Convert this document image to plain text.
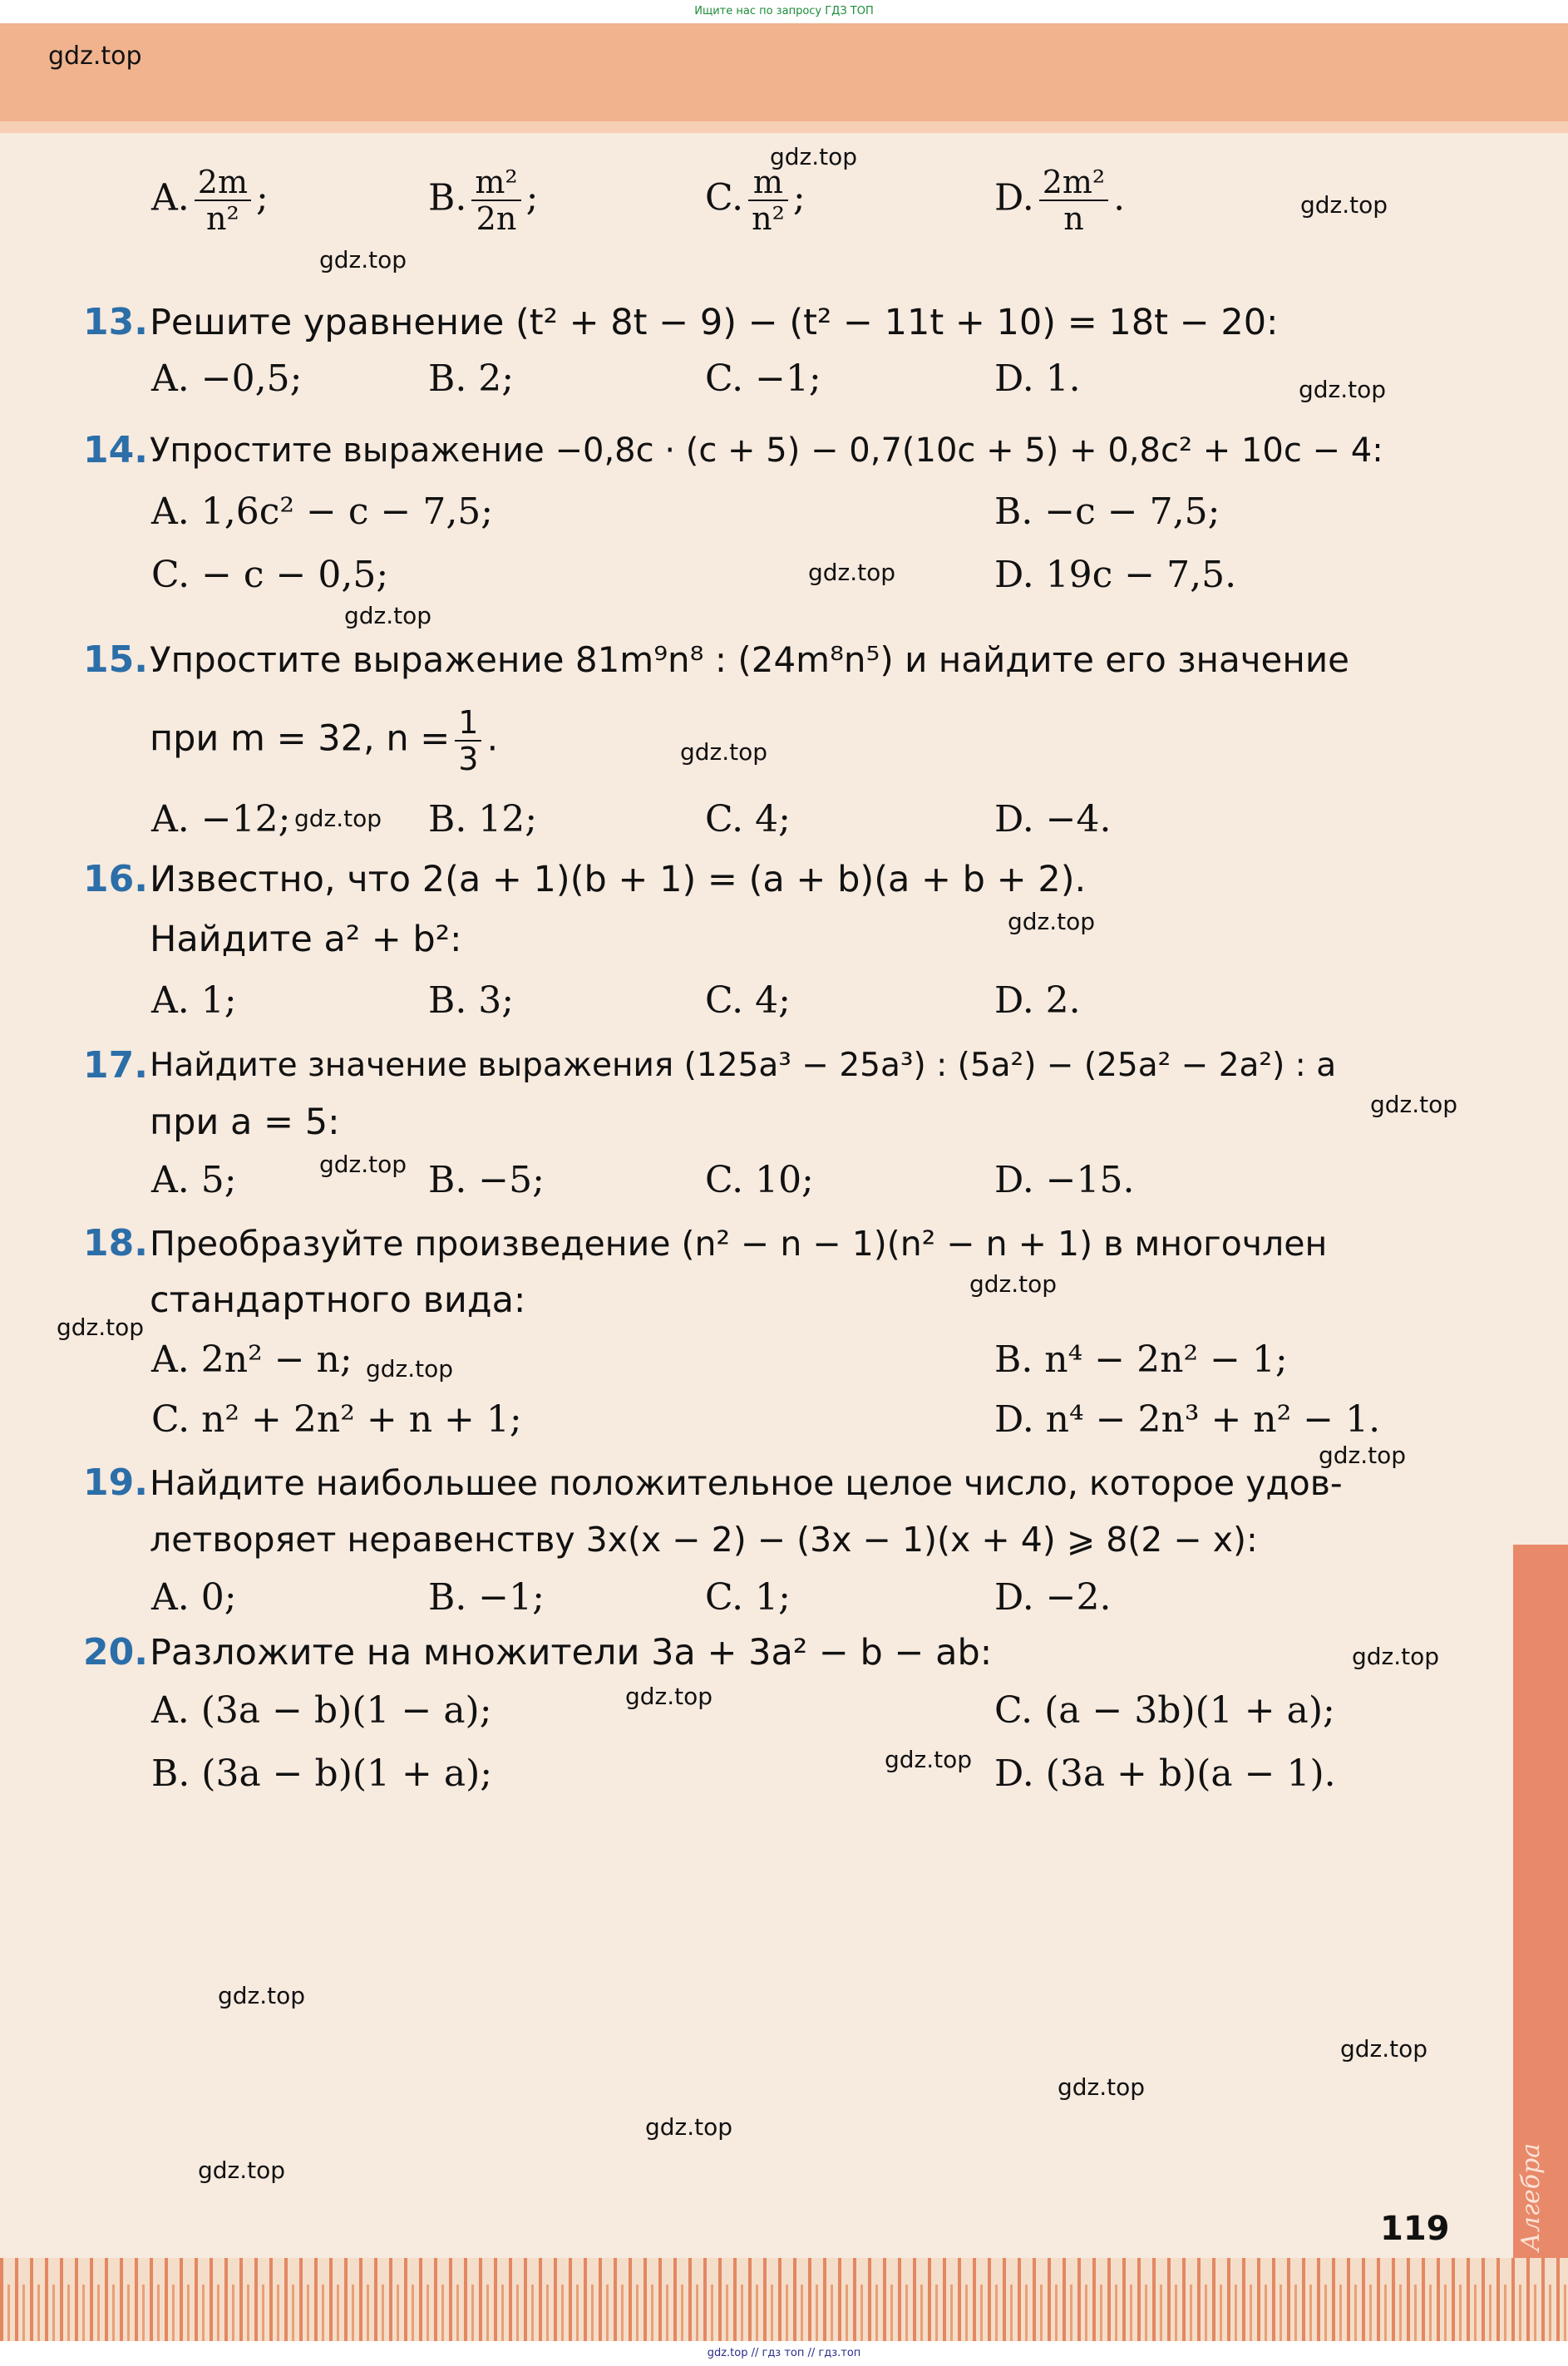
Ищите нас по запросу ГДЗ ТОП
Алгебра
A. $\frac{2m}{\text{n²}}$ ;	B. $\frac{\text{m²}}{2n}$ ;	C. $\frac{m}{\text{n²}}$ ;	D. $\frac{\text{2m²}}{n}$ .
13. Решите уравнение (t² + 8t − 9) − (t² − 11t + 10) = 18t − 20:
A. −0,5;	B. 2;	C. −1;	D. 1.
14. Упростите выражение −0,8c · (c + 5) − 0,7(10c + 5) + 0,8c² + 10c − 4:
A. 1,6c² − c − 7,5;	B. −c − 7,5;
C. − c − 0,5;	D. 19c − 7,5.
15. Упростите выражение 81m⁹n⁸ : (24m⁸n⁵) и найдите его значение
при m = 32, $n = \frac{1}{3}$ .
A. −12;	B. 12;	C. 4;	D. −4.
16. Известно, что 2(a + 1)(b + 1) = (a + b)(a + b + 2).
Найдите a² + b²:
A. 1;	B. 3;	C. 4;	D. 2.
17. Найдите значение выражения (125a³ − 25a³) : (5a²) − (25a² − 2a²) : a
при a = 5:
A. 5;	B. −5;	C. 10;	D. −15.
18. Преобразуйте произведение (n² − n − 1)(n² − n + 1) в многочлен
стандартного вида:
A. 2n² − n;	B. n⁴ − 2n² − 1;
C. n² + 2n² + n + 1;	D. n⁴ − 2n³ + n² − 1.
19. Найдите наибольшее положительное целое число, которое удов-
летворяет неравенству 3x(x − 2) − (3x − 1)(x + 4) ⩾ 8(2 − x):
A. 0;	B. −1;	C. 1;	D. −2.
20. Разложите на множители 3a + 3a² − b − ab:
A. (3a − b)(1 − a);	C. (a − 3b)(1 + a);
B. (3a − b)(1 + a);	D. (3a + b)(a − 1).
119
gdz.top
gdz.top
gdz.top
gdz.top
gdz.top
gdz.top
gdz.top
gdz.top
gdz.top
gdz.top
gdz.top
gdz.top
gdz.top
gdz.top
gdz.top
gdz.top
gdz.top
gdz.top
gdz.top
gdz.top
gdz.top
gdz.top
gdz.top
gdz.top
gdz.top // гдз топ // гдз.топ
